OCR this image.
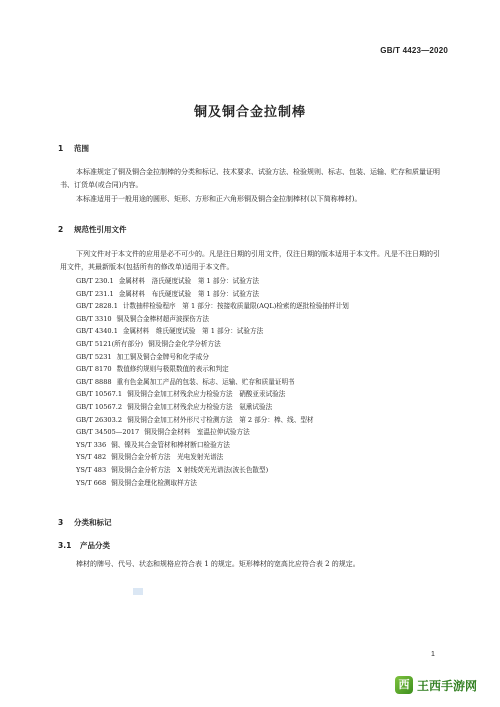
GB/T 4423—2020
铜及铜合金拉制棒
1 范围
本标准规定了铜及铜合金拉制棒的分类和标记、技术要求、试验方法、检验规则、标志、包装、运输、贮存和质量证明书、订货单(或合同)内容。
本标准适用于一般用途的圆形、矩形、方形和正六角形铜及铜合金拉制棒材(以下简称棒材)。
2 规范性引用文件
下列文件对于本文件的应用是必不可少的。凡是注日期的引用文件，仅注日期的版本适用于本文件。凡是不注日期的引用文件，其最新版本(包括所有的修改单)适用于本文件。
GB/T 230.1 金属材料　洛氏硬度试验　第 1 部分：试验方法
GB/T 231.1 金属材料　布氏硬度试验　第 1 部分：试验方法
GB/T 2828.1 计数抽样检验程序　第 1 部分：按接收质量限(AQL)检索的逐批检验抽样计划
GB/T 3310 铜及铜合金棒材超声波探伤方法
GB/T 4340.1 金属材料　维氏硬度试验　第 1 部分：试验方法
GB/T 5121(所有部分) 铜及铜合金化学分析方法
GB/T 5231 加工铜及铜合金牌号和化学成分
GB/T 8170 数值修约规则与极限数值的表示和判定
GB/T 8888 重有色金属加工产品的包装、标志、运输、贮存和质量证明书
GB/T 10567.1 铜及铜合金加工材残余应力检验方法　硝酸亚汞试验法
GB/T 10567.2 铜及铜合金加工材残余应力检验方法　氨熏试验法
GB/T 26303.2 铜及铜合金加工材外形尺寸检测方法　第 2 部分：棒、线、型材
GB/T 34505—2017 铜及铜合金材料　室温拉伸试验方法
YS/T 336 铜、镍及其合金管材和棒材断口检验方法
YS/T 482 铜及铜合金分析方法　光电发射光谱法
YS/T 483 铜及铜合金分析方法　X 射线荧光光谱法(波长色散型)
YS/T 668 铜及铜合金理化检测取样方法
3 分类和标记
3.1 产品分类
棒材的牌号、代号、状态和规格应符合表 1 的规定。矩形棒材的宽高比应符合表 2 的规定。
1
西 王西手游网
